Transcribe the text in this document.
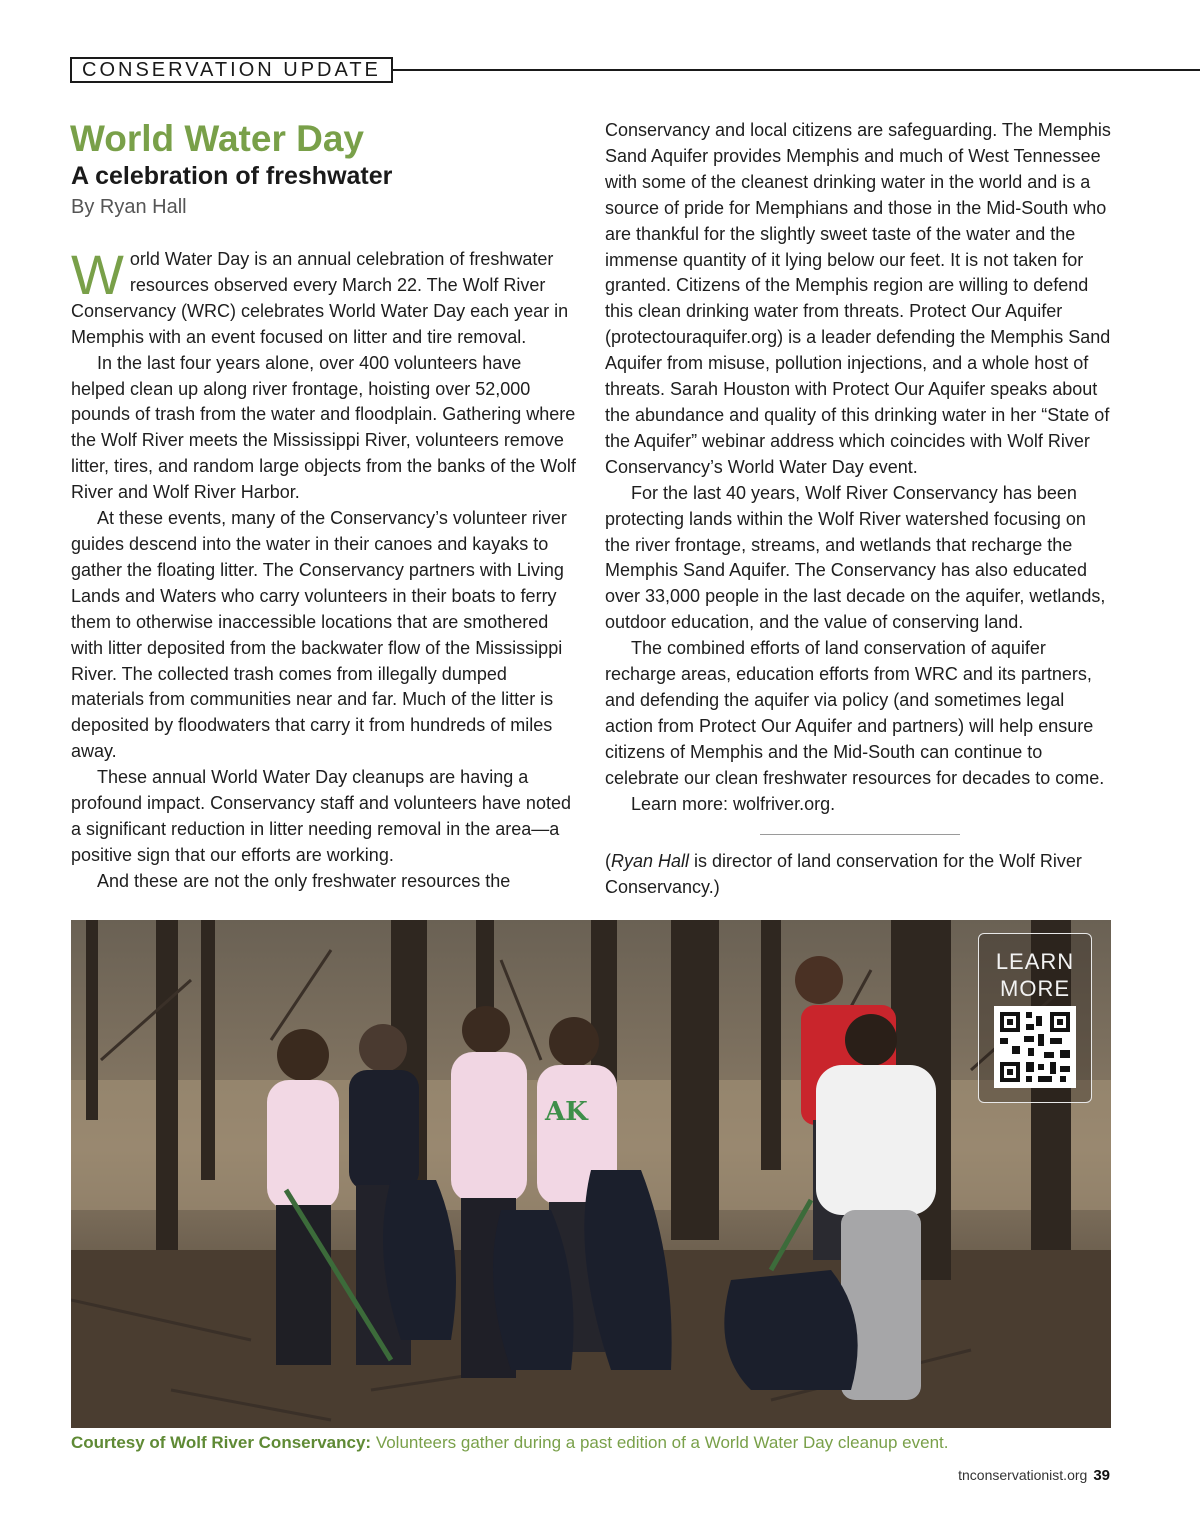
CONSERVATION UPDATE
World Water Day
A celebration of freshwater
By Ryan Hall

World Water Day is an annual celebration of freshwater resources observed every March 22. The Wolf River Conservancy (WRC) celebrates World Water Day each year in Memphis with an event focused on litter and tire removal.

In the last four years alone, over 400 volunteers have helped clean up along river frontage, hoisting over 52,000 pounds of trash from the water and floodplain. Gathering where the Wolf River meets the Mississippi River, volunteers remove litter, tires, and random large objects from the banks of the Wolf River and Wolf River Harbor.

At these events, many of the Conservancy’s volunteer river guides descend into the water in their canoes and kayaks to gather the floating litter. The Conservancy partners with Living Lands and Waters who carry volunteers in their boats to ferry them to otherwise inaccessible locations that are smothered with litter deposited from the backwater flow of the Mississippi River. The collected trash comes from illegally dumped materials from communities near and far. Much of the litter is deposited by floodwaters that carry it from hundreds of miles away.

These annual World Water Day cleanups are having a profound impact. Conservancy staff and volunteers have noted a significant reduction in litter needing removal in the area—a positive sign that our efforts are working.

And these are not the only freshwater resources the

Conservancy and local citizens are safeguarding. The Memphis Sand Aquifer provides Memphis and much of West Tennessee with some of the cleanest drinking water in the world and is a source of pride for Memphians and those in the Mid-South who are thankful for the slightly sweet taste of the water and the immense quantity of it lying below our feet. It is not taken for granted. Citizens of the Memphis region are willing to defend this clean drinking water from threats. Protect Our Aquifer (protectouraquifer.org) is a leader defending the Memphis Sand Aquifer from misuse, pollution injections, and a whole host of threats. Sarah Houston with Protect Our Aquifer speaks about the abundance and quality of this drinking water in her “State of the Aquifer” webinar address which coincides with Wolf River Conservancy’s World Water Day event.

For the last 40 years, Wolf River Conservancy has been protecting lands within the Wolf River watershed focusing on the river frontage, streams, and wetlands that recharge the Memphis Sand Aquifer. The Conservancy has also educated over 33,000 people in the last decade on the aquifer, wetlands, outdoor education, and the value of conserving land.

The combined efforts of land conservation of aquifer recharge areas, education efforts from WRC and its partners, and defending the aquifer via policy (and sometimes legal action from Protect Our Aquifer and partners) will help ensure citizens of Memphis and the Mid-South can continue to celebrate our clean freshwater resources for decades to come.

Learn more: wolfriver.org.

(Ryan Hall is director of land conservation for the Wolf River Conservancy.)

AK
LEARN
MORE
Courtesy of Wolf River Conservancy: Volunteers gather during a past edition of a World Water Day cleanup event.
tnconservationist.org 39
